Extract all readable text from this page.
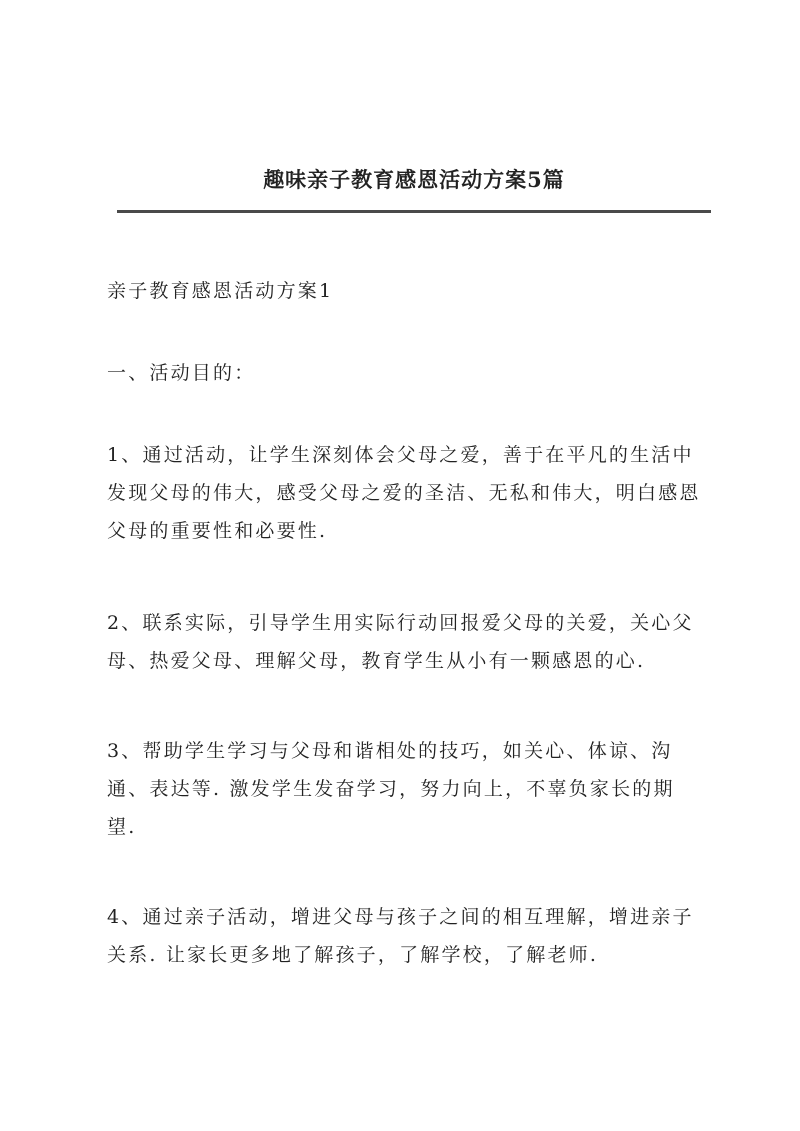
趣味亲子教育感恩活动方案5篇

亲子教育感恩活动方案1

一、活动目的：

1、通过活动，让学生深刻体会父母之爱，善于在平凡的生活中
发现父母的伟大，感受父母之爱的圣洁、无私和伟大，明白感恩
父母的重要性和必要性.

2、联系实际，引导学生用实际行动回报爱父母的关爱，关心父
母、热爱父母、理解父母，教育学生从小有一颗感恩的心.

3、帮助学生学习与父母和谐相处的技巧，如关心、体谅、沟
通、表达等. 激发学生发奋学习，努力向上，不辜负家长的期
望.

4、通过亲子活动，增进父母与孩子之间的相互理解，增进亲子
关系. 让家长更多地了解孩子，了解学校，了解老师.
